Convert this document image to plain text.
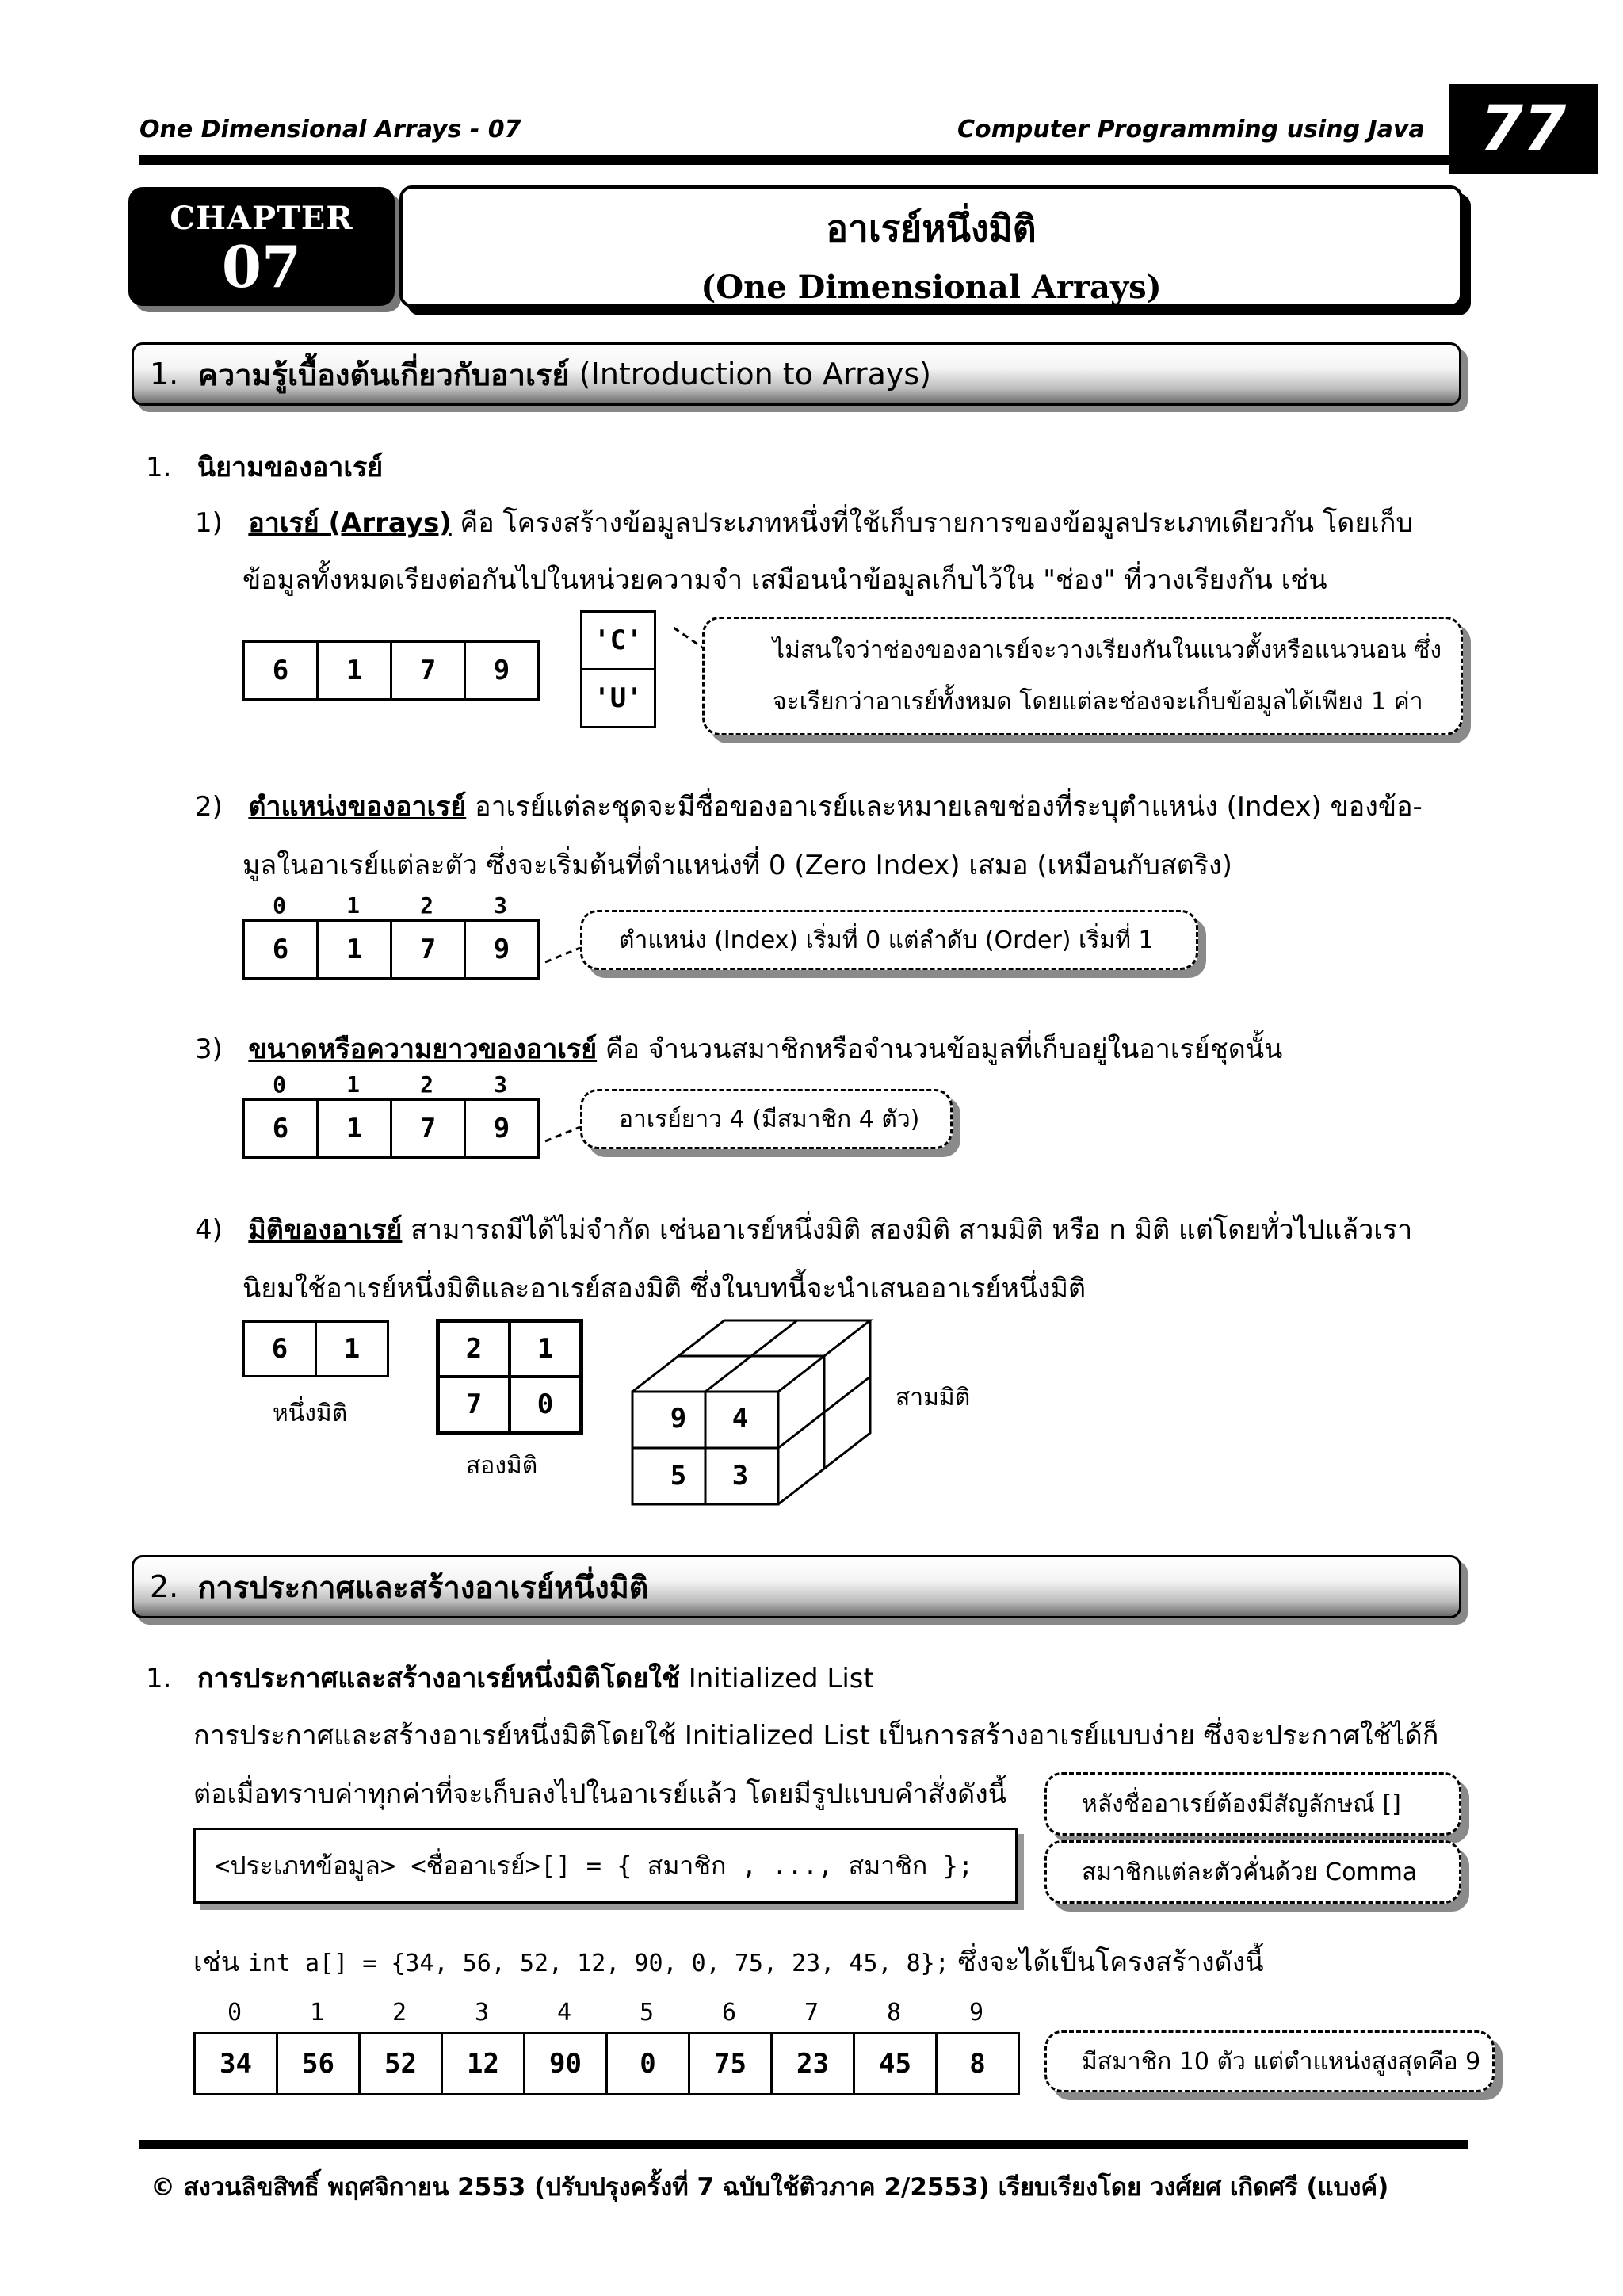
One Dimensional Arrays - 07	Computer Programming using Java 77
CHAPTER
07
อาเรย์หนึ่งมิติ
(One Dimensional Arrays)
1.
ความรู้เบื้องต้นเกี่ยวกับอาเรย์
(Introduction to Arrays)
1. นิยามของอาเรย์
1) อาเรย์ (Arrays) คือ โครงสร้างข้อมูลประเภทหนึ่งที่ใช้เก็บรายการของข้อมูลประเภทเดียวกัน โดยเก็บ
ข้อมูลทั้งหมดเรียงต่อกันไปในหน่วยความจำ เสมือนนำข้อมูลเก็บไว้ใน "ช่อง" ที่วางเรียงกัน เช่น
6	1	7	9
'C'
'U'
ไม่สนใจว่าช่องของอาเรย์จะวางเรียงกันในแนวตั้งหรือแนวนอน ซึ่ง
จะเรียกว่าอาเรย์ทั้งหมด โดยแต่ละช่องจะเก็บข้อมูลได้เพียง 1 ค่า
2) ตำแหน่งของอาเรย์ อาเรย์แต่ละชุดจะมีชื่อของอาเรย์และหมายเลขช่องที่ระบุตำแหน่ง (Index) ของข้อ-
มูลในอาเรย์แต่ละตัว ซึ่งจะเริ่มต้นที่ตำแหน่งที่ 0 (Zero Index) เสมอ (เหมือนกับสตริง)
0	1	2	3
6	1	7	9	ตำแหน่ง (Index) เริ่มที่ 0 แต่ลำดับ (Order) เริ่มที่ 1
3) ขนาดหรือความยาวของอาเรย์ คือ จำนวนสมาชิกหรือจำนวนข้อมูลที่เก็บอยู่ในอาเรย์ชุดนั้น
0	1	2	3
6	1	7	9	อาเรย์ยาว 4 (มีสมาชิก 4 ตัว)
4) มิติของอาเรย์ สามารถมีได้ไม่จำกัด เช่นอาเรย์หนึ่งมิติ สองมิติ สามมิติ หรือ n มิติ แต่โดยทั่วไปแล้วเรา
นิยมใช้อาเรย์หนึ่งมิติและอาเรย์สองมิติ ซึ่งในบทนี้จะนำเสนออาเรย์หนึ่งมิติ
6	1
หนึ่งมิติ
2	1
7	0
สองมิติ
9	4
5	3
สามมิติ
2.
การประกาศและสร้างอาเรย์หนึ่งมิติ
1. การประกาศและสร้างอาเรย์หนึ่งมิติโดยใช้ Initialized List
การประกาศและสร้างอาเรย์หนึ่งมิติโดยใช้ Initialized List เป็นการสร้างอาเรย์แบบง่าย ซึ่งจะประกาศใช้ได้ก็
ต่อเมื่อทราบค่าทุกค่าที่จะเก็บลงไปในอาเรย์แล้ว โดยมีรูปแบบคำสั่งดังนี้
<ประเภทข้อมูล> <ชื่ออาเรย์>[] = { สมาชิก , ..., สมาชิก };
หลังชื่ออาเรย์ต้องมีสัญลักษณ์ []
สมาชิกแต่ละตัวคั่นด้วย Comma
เช่น int a[] = {34, 56, 52, 12, 90, 0, 75, 23, 45, 8}; ซึ่งจะได้เป็นโครงสร้างดังนี้
0	1	2	3	4	5	6	7	8	9
34	56	52	12	90	0	75	23	45	8	มีสมาชิก 10 ตัว แต่ตำแหน่งสูงสุดคือ 9
© สงวนลิขสิทธิ์ พฤศจิกายน 2553 (ปรับปรุงครั้งที่ 7 ฉบับใช้ติวภาค 2/2553) เรียบเรียงโดย วงศ์ยศ เกิดศรี (แบงค์)
